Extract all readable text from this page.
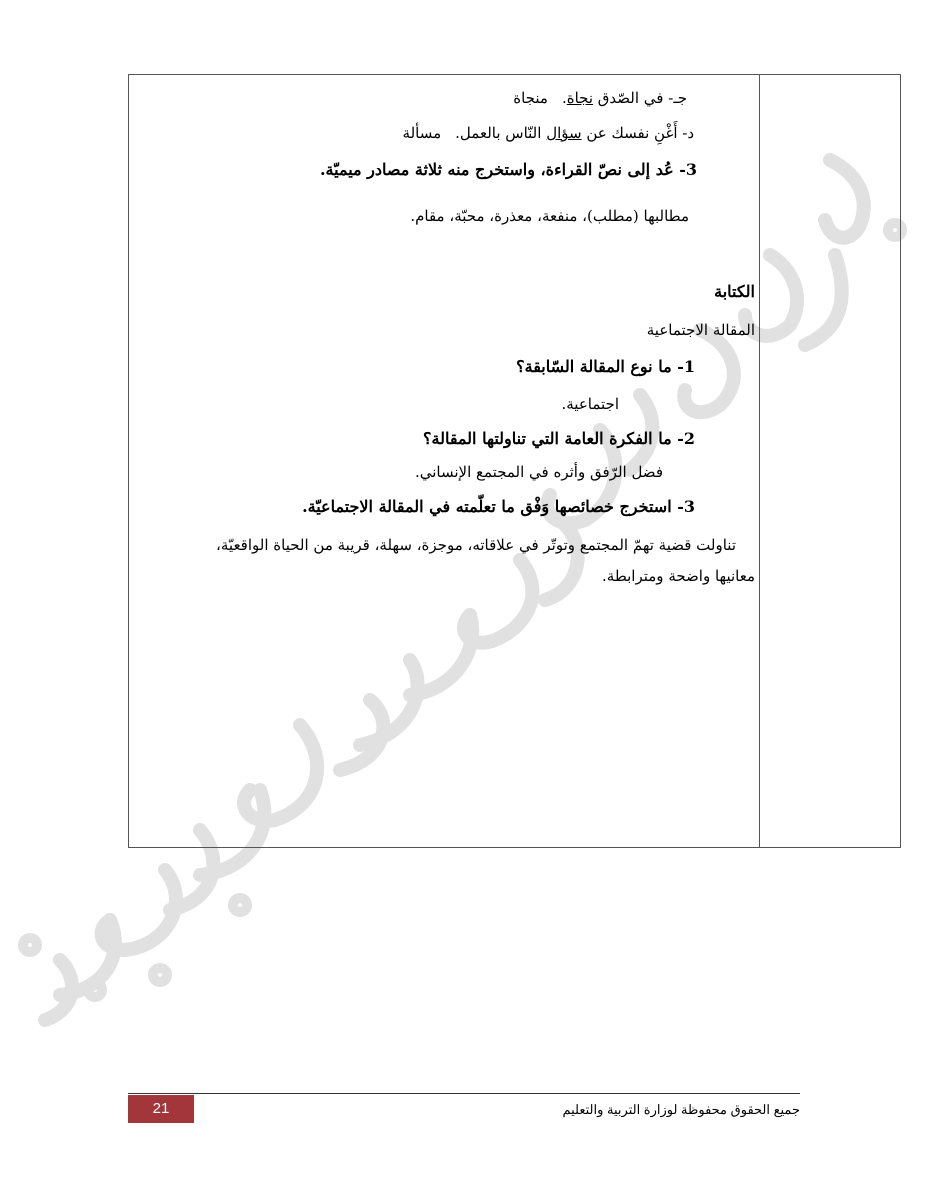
جـ- في الصّدق نجاة.منجاة
د- أَغْنِ نفسك عن سؤال النّاس بالعمل.مسألة
3- عُد إلى نصّ القراءة، واستخرج منه ثلاثة مصادر ميميّة.
مطالبها (مطلب)، منفعة، معذرة، محبّة، مقام.
الكتابة
المقالة الاجتماعية
1- ما نوع المقالة السّابقة؟
اجتماعية.
2- ما الفكرة العامة التي تناولتها المقالة؟
فضل الرّفق وأثره في المجتمع الإنساني.
3- استخرج خصائصها وَفْق ما تعلّمته في المقالة الاجتماعيّة.
تناولت قضية تهمّ المجتمع وتوتّر في علاقاته، موجزة، سهلة، قريبة من الحياة الواقعيّة،
معانيها واضحة ومترابطة.
21	جميع الحقوق محفوظة لوزارة التربية والتعليم
